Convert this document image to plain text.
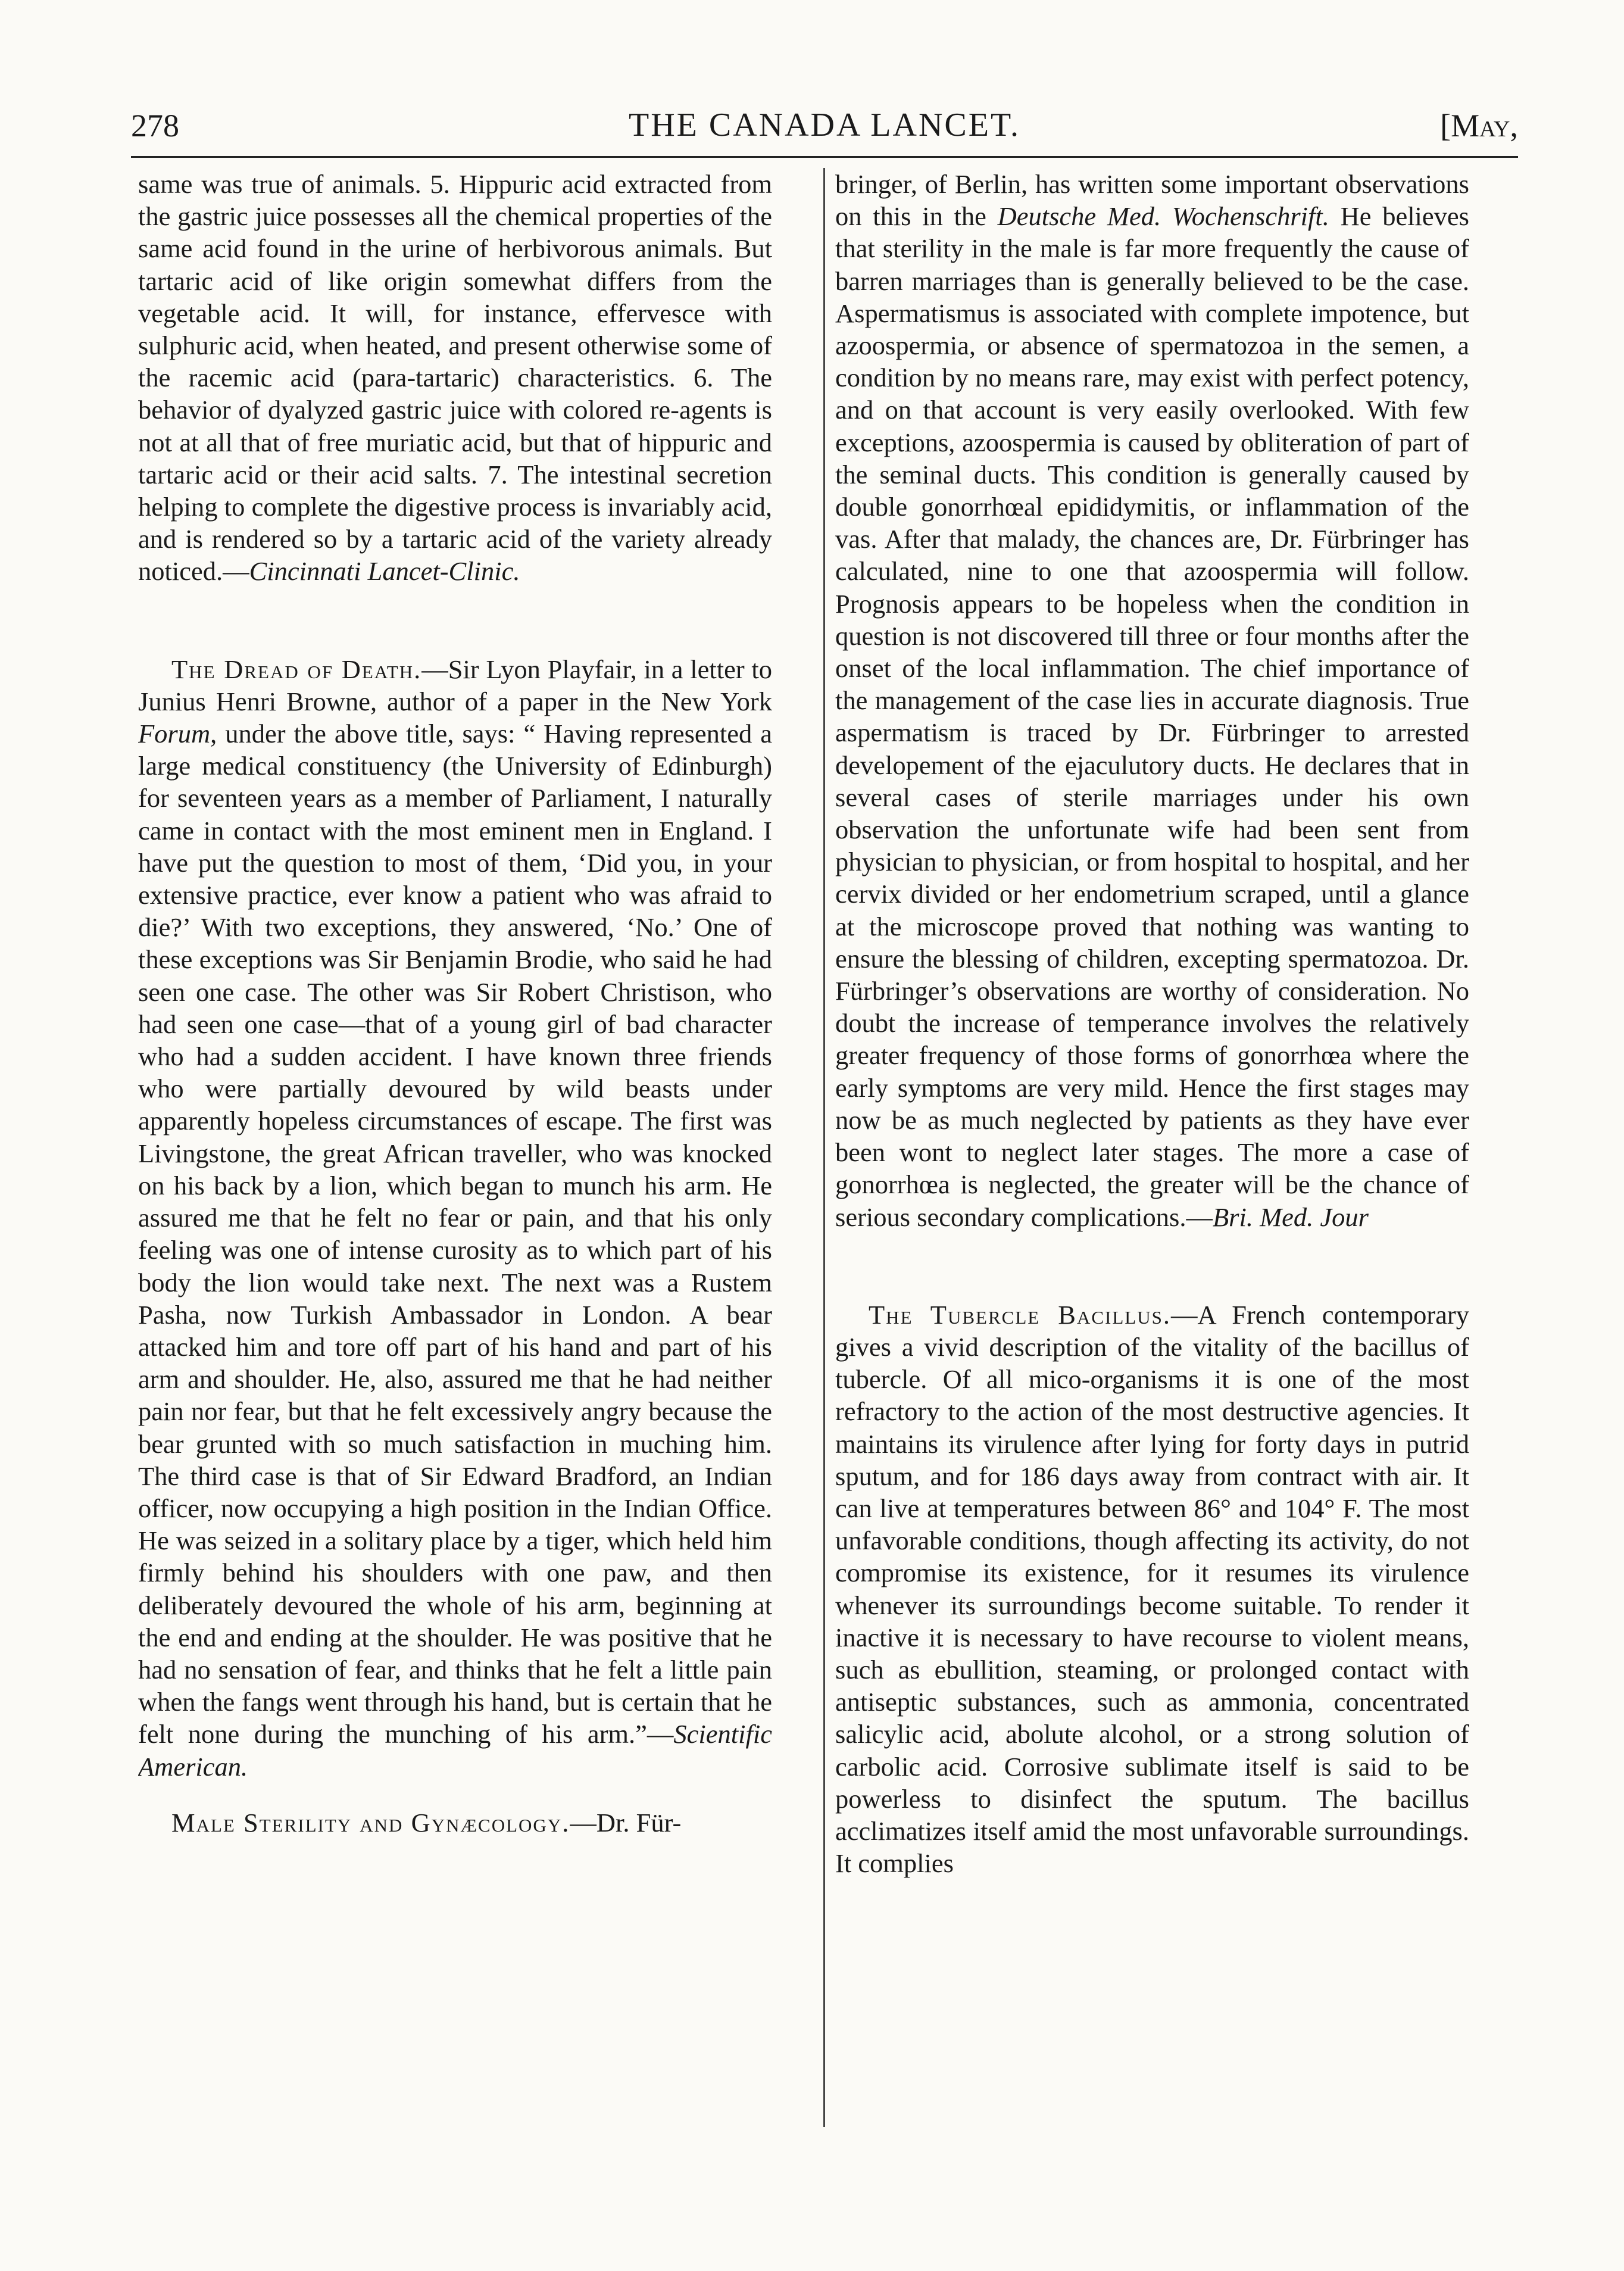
278	THE CANADA LANCET.	[May,

same was true of animals. 5. Hippuric acid extracted from the gastric juice possesses all the chemical properties of the same acid found in the urine of herbivorous animals. But tartaric acid of like origin somewhat differs from the vegetable acid. It will, for instance, effervesce with sulphuric acid, when heated, and present otherwise some of the racemic acid (para-tartaric) characteristics. 6. The behavior of dyalyzed gastric juice with colored re-agents is not at all that of free muriatic acid, but that of hippuric and tartaric acid or their acid salts. 7. The intestinal secretion helping to complete the digestive process is invariably acid, and is rendered so by a tartaric acid of the variety already noticed.—Cincinnati Lancet-Clinic.

The Dread of Death.—Sir Lyon Playfair, in a letter to Junius Henri Browne, author of a paper in the New York Forum, under the above title, says: “ Having represented a large medical constituency (the University of Edinburgh) for seventeen years as a member of Parliament, I naturally came in contact with the most eminent men in England. I have put the question to most of them, ‘Did you, in your extensive practice, ever know a patient who was afraid to die?’ With two exceptions, they answered, ‘No.’ One of these exceptions was Sir Benjamin Brodie, who said he had seen one case. The other was Sir Robert Christison, who had seen one case—that of a young girl of bad character who had a sudden accident. I have known three friends who were partially devoured by wild beasts under apparently hopeless circumstances of escape. The first was Livingstone, the great African traveller, who was knocked on his back by a lion, which began to munch his arm. He assured me that he felt no fear or pain, and that his only feeling was one of intense curosity as to which part of his body the lion would take next. The next was a Rustem Pasha, now Turkish Ambassador in London. A bear attacked him and tore off part of his hand and part of his arm and shoulder. He, also, assured me that he had neither pain nor fear, but that he felt excessively angry because the bear grunted with so much satisfaction in muching him. The third case is that of Sir Edward Bradford, an Indian officer, now occupying a high position in the Indian Office. He was seized in a solitary place by a tiger, which held him firmly behind his shoulders with one paw, and then deliberately devoured the whole of his arm, beginning at the end and ending at the shoulder. He was positive that he had no sensation of fear, and thinks that he felt a little pain when the fangs went through his hand, but is certain that he felt none during the munching of his arm.”—Scientific American.

Male Sterility and Gynæcology.—Dr. Für-

bringer, of Berlin, has written some important observations on this in the Deutsche Med. Wochenschrift. He believes that sterility in the male is far more frequently the cause of barren marriages than is generally believed to be the case. Aspermatismus is associated with complete impotence, but azoospermia, or absence of spermatozoa in the semen, a condition by no means rare, may exist with perfect potency, and on that account is very easily overlooked. With few exceptions, azoospermia is caused by obliteration of part of the seminal ducts. This condition is generally caused by double gonorrhœal epididymitis, or inflammation of the vas. After that malady, the chances are, Dr. Fürbringer has calculated, nine to one that azoospermia will follow. Prognosis appears to be hopeless when the condition in question is not discovered till three or four months after the onset of the local inflammation. The chief importance of the management of the case lies in accurate diagnosis. True aspermatism is traced by Dr. Fürbringer to arrested developement of the ejaculutory ducts. He declares that in several cases of sterile marriages under his own observation the unfortunate wife had been sent from physician to physician, or from hospital to hospital, and her cervix divided or her endometrium scraped, until a glance at the microscope proved that nothing was wanting to ensure the blessing of children, excepting spermatozoa. Dr. Fürbringer’s observations are worthy of consideration. No doubt the increase of temperance involves the relatively greater frequency of those forms of gonorrhœa where the early symptoms are very mild. Hence the first stages may now be as much neglected by patients as they have ever been wont to neglect later stages. The more a case of gonorrhœa is neglected, the greater will be the chance of serious secondary complications.—Bri. Med. Jour

The Tubercle Bacillus.—A French contemporary gives a vivid description of the vitality of the bacillus of tubercle. Of all mico-organisms it is one of the most refractory to the action of the most destructive agencies. It maintains its virulence after lying for forty days in putrid sputum, and for 186 days away from contract with air. It can live at temperatures between 86° and 104° F. The most unfavorable conditions, though affecting its activity, do not compromise its existence, for it resumes its virulence whenever its surroundings become suitable. To render it inactive it is necessary to have recourse to violent means, such as ebullition, steaming, or prolonged contact with antiseptic substances, such as ammonia, concentrated salicylic acid, abolute alcohol, or a strong solution of carbolic acid. Corrosive sublimate itself is said to be powerless to disinfect the sputum. The bacillus acclimatizes itself amid the most unfavorable surroundings. It complies
